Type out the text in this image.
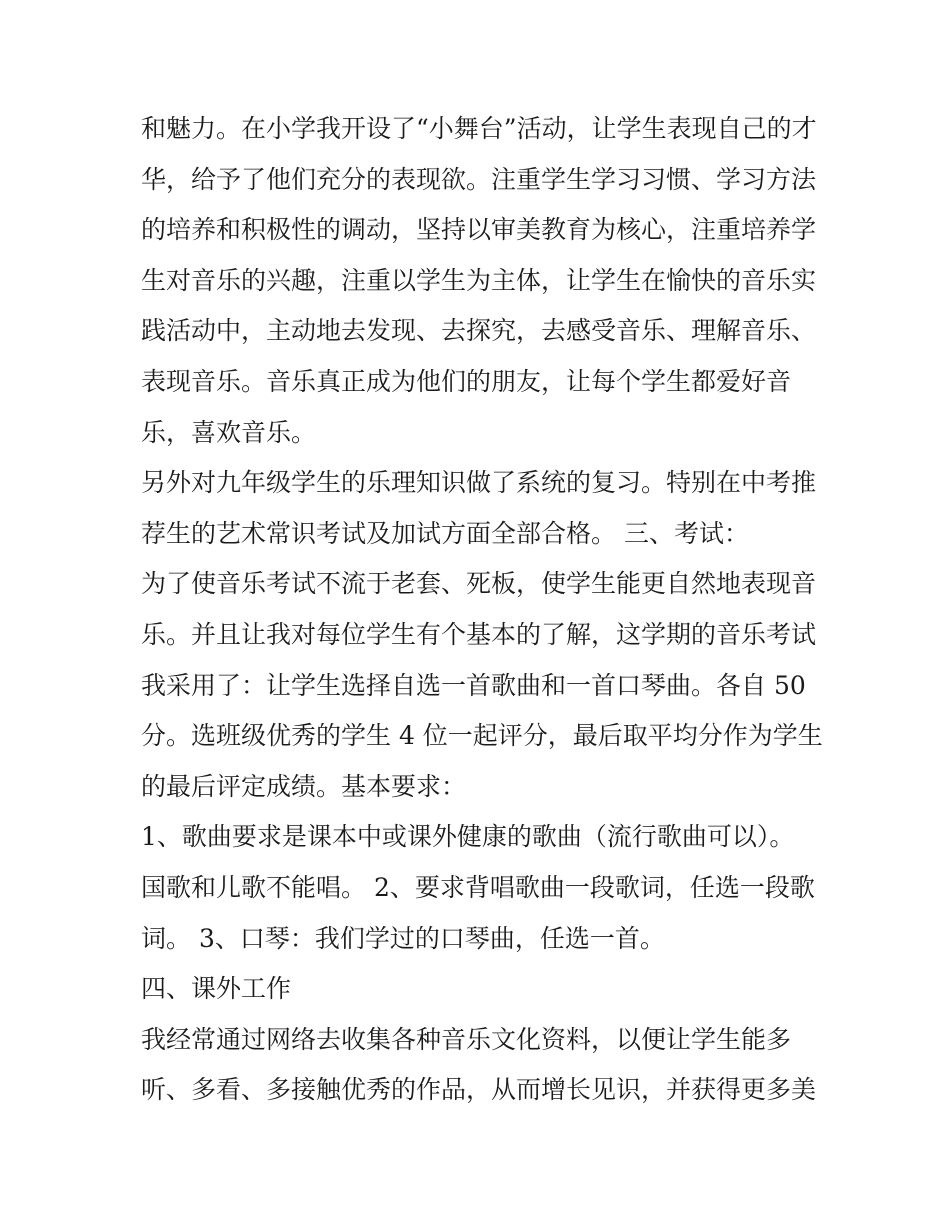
和魅力。在小学我开设了“小舞台”活动，让学生表现自己的才
华，给予了他们充分的表现欲。注重学生学习习惯、学习方法
的培养和积极性的调动，坚持以审美教育为核心，注重培养学
生对音乐的兴趣，注重以学生为主体，让学生在愉快的音乐实
践活动中，主动地去发现、去探究，去感受音乐、理解音乐、
表现音乐。音乐真正成为他们的朋友，让每个学生都爱好音
乐，喜欢音乐。
另外对九年级学生的乐理知识做了系统的复习。特别在中考推
荐生的艺术常识考试及加试方面全部合格。 三、考试：
为了使音乐考试不流于老套、死板，使学生能更自然地表现音
乐。并且让我对每位学生有个基本的了解，这学期的音乐考试
我采用了：让学生选择自选一首歌曲和一首口琴曲。各自 50
分。选班级优秀的学生 4 位一起评分，最后取平均分作为学生
的最后评定成绩。基本要求：
1、歌曲要求是课本中或课外健康的歌曲（流行歌曲可以）。
国歌和儿歌不能唱。 2、要求背唱歌曲一段歌词，任选一段歌
词。 3、口琴：我们学过的口琴曲，任选一首。
四、课外工作
我经常通过网络去收集各种音乐文化资料，以便让学生能多
听、多看、多接触优秀的作品，从而增长见识，并获得更多美
